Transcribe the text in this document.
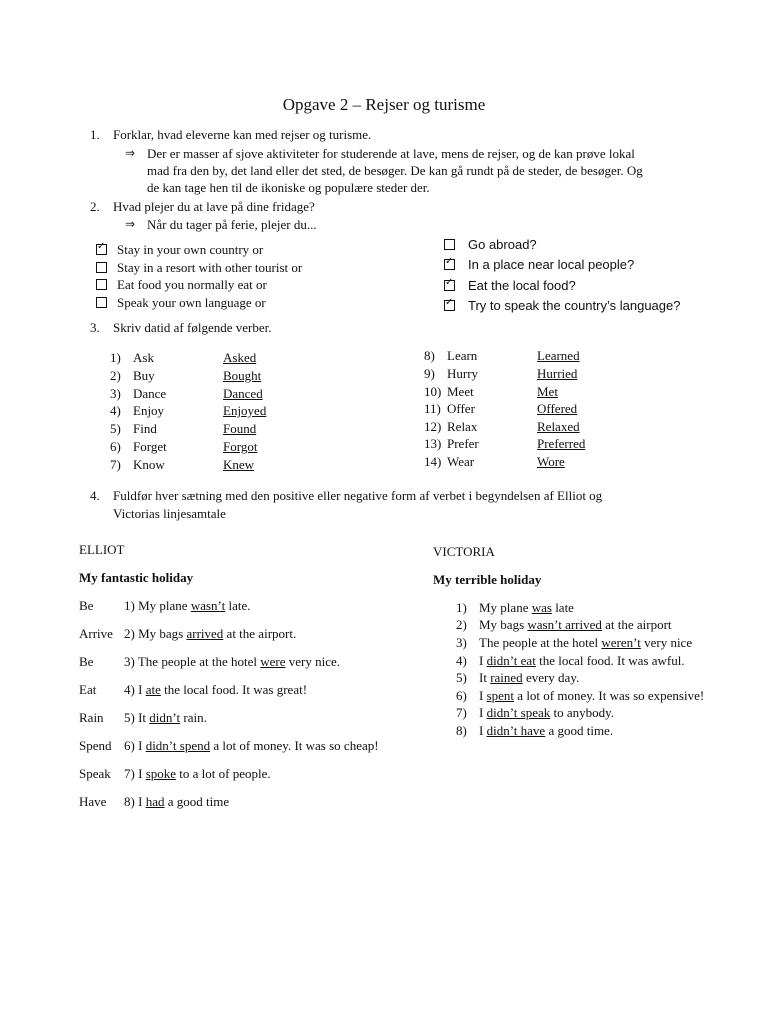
Opgave 2 – Rejser og turisme
1. Forklar, hvad eleverne kan med rejser og turisme.
⇒ Der er masser af sjove aktiviteter for studerende at lave, mens de rejser, og de kan prøve lokal
mad fra den by, det land eller det sted, de besøger. De kan gå rundt på de steder, de besøger. Og
de kan tage hen til de ikoniske og populære steder der.
2. Hvad plejer du at lave på dine fridage?
⇒ Når du tager på ferie, plejer du...
✓Stay in your own country or
Stay in a resort with other tourist or
Eat food you normally eat or
Speak your own language or
Go abroad?
✓In a place near local people?
✓Eat the local food?
✓Try to speak the country’s language?
3. Skriv datid af følgende verber.
1) Ask	Asked
2) Buy	Bought
3) Dance	Danced
4) Enjoy	Enjoyed
5) Find	Found
6) Forget	Forgot
7) Know	Knew
8) Learn	Learned
9) Hurry	Hurried
10) Meet	Met
11) Offer	Offered
12) Relax	Relaxed
13) Prefer	Preferred
14) Wear	Wore
4. Fuldfør hver sætning med den positive eller negative form af verbet i begyndelsen af Elliot og
Victorias linjesamtale
ELLIOT
My fantastic holiday
Be 1) My plane wasn’t late.
Arrive 2) My bags arrived at the airport.
Be 3) The people at the hotel were very nice.
Eat 4) I ate the local food. It was great!
Rain 5) It didn’t rain.
Spend 6) I didn’t spend a lot of money. It was so cheap!
Speak 7) I spoke to a lot of people.
Have 8) I had a good time
VICTORIA
My terrible holiday
1) My plane was late
2) My bags wasn’t arrived at the airport
3) The people at the hotel weren’t very nice
4) I didn’t eat the local food. It was awful.
5) It rained every day.
6) I spent a lot of money. It was so expensive!
7) I didn’t speak to anybody.
8) I didn’t have a good time.
